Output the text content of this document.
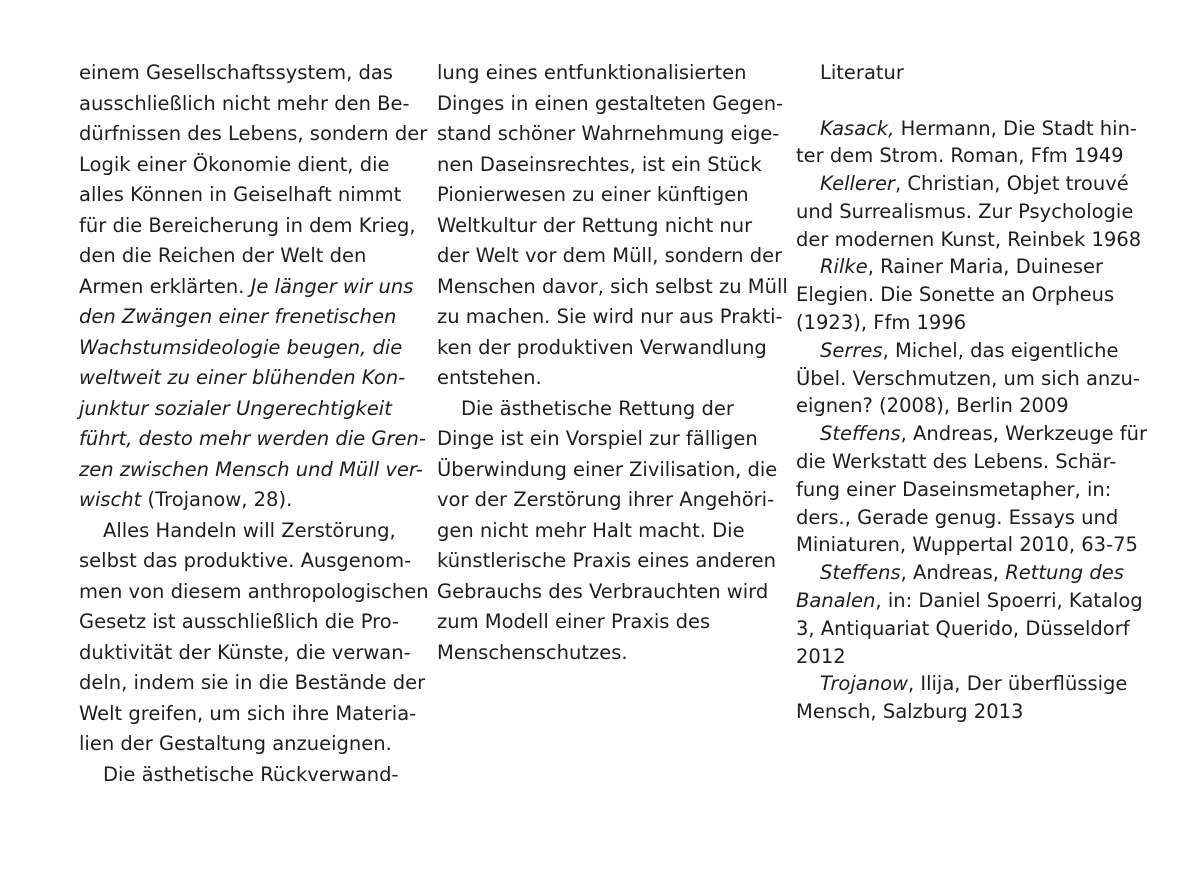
einem Gesellschaftssystem, das
ausschließlich nicht mehr den Be-
dürfnissen des Lebens, sondern der
Logik einer Ökonomie dient, die
alles Können in Geiselhaft nimmt
für die Bereicherung in dem Krieg,
den die Reichen der Welt den
Armen erklärten. Je länger wir uns
den Zwängen einer frenetischen
Wachstumsideologie beugen, die
weltweit zu einer blühenden Kon-
junktur sozialer Ungerechtigkeit
führt, desto mehr werden die Gren-
zen zwischen Mensch und Müll ver-
wischt (Trojanow, 28).
Alles Handeln will Zerstörung,
selbst das produktive. Ausgenom-
men von diesem anthropologischen
Gesetz ist ausschließlich die Pro-
duktivität der Künste, die verwan-
deln, indem sie in die Bestände der
Welt greifen, um sich ihre Materia-
lien der Gestaltung anzueignen.
Die ästhetische Rückverwand-
lung eines entfunktionalisierten
Dinges in einen gestalteten Gegen-
stand schöner Wahrnehmung eige-
nen Daseinsrechtes, ist ein Stück
Pionierwesen zu einer künftigen
Weltkultur der Rettung nicht nur
der Welt vor dem Müll, sondern der
Menschen davor, sich selbst zu Müll
zu machen. Sie wird nur aus Prakti-
ken der produktiven Verwandlung
entstehen.
Die ästhetische Rettung der
Dinge ist ein Vorspiel zur fälligen
Überwindung einer Zivilisation, die
vor der Zerstörung ihrer Angehöri-
gen nicht mehr Halt macht. Die
künstlerische Praxis eines anderen
Gebrauchs des Verbrauchten wird
zum Modell einer Praxis des
Menschenschutzes.
Literatur
Kasack, Hermann, Die Stadt hin-
ter dem Strom. Roman, Ffm 1949
Kellerer, Christian, Objet trouvé
und Surrealismus. Zur Psychologie
der modernen Kunst, Reinbek 1968
Rilke, Rainer Maria, Duineser
Elegien. Die Sonette an Orpheus
(1923), Ffm 1996
Serres, Michel, das eigentliche
Übel. Verschmutzen, um sich anzu-
eignen? (2008), Berlin 2009
Steffens, Andreas, Werkzeuge für
die Werkstatt des Lebens. Schär-
fung einer Daseinsmetapher, in:
ders., Gerade genug. Essays und
Miniaturen, Wuppertal 2010, 63-75
Steffens, Andreas, Rettung des
Banalen, in: Daniel Spoerri, Katalog
3, Antiquariat Querido, Düsseldorf
2012
Trojanow, Ilija, Der überflüssige
Mensch, Salzburg 2013
